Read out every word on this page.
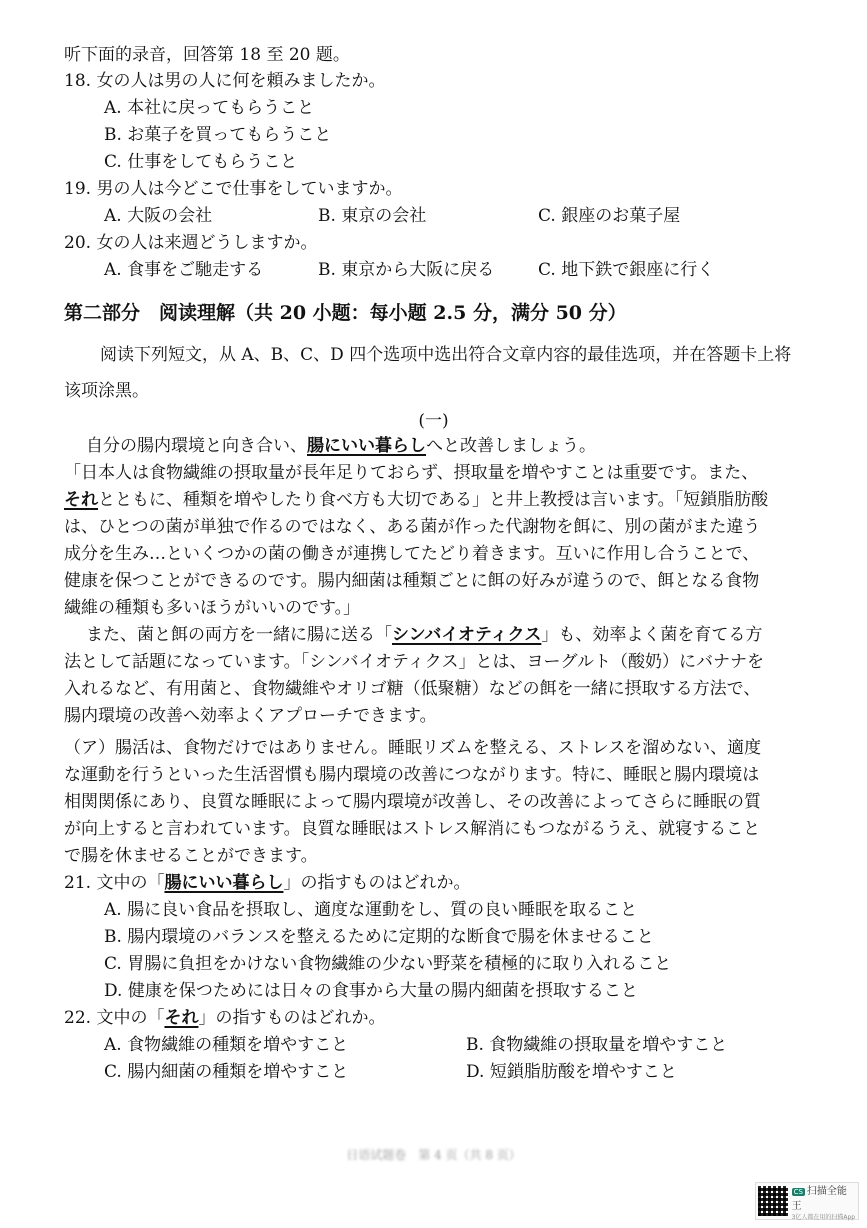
听下面的录音，回答第 18 至 20 题。
18. 女の人は男の人に何を頼みましたか。
A. 本社に戻ってもらうこと
B. お菓子を買ってもらうこと
C. 仕事をしてもらうこと
19. 男の人は今どこで仕事をしていますか。
A. 大阪の会社	B. 東京の会社	C. 銀座のお菓子屋
20. 女の人は来週どうしますか。
A. 食事をご馳走する	B. 東京から大阪に戻る	C. 地下鉄で銀座に行く
第二部分　阅读理解（共 20 小题：每小题 2.5 分，满分 50 分）
阅读下列短文，从 A、B、C、D 四个选项中选出符合文章内容的最佳选项，并在答题卡上将
该项涂黑。
(一)
自分の腸内環境と向き合い、腸にいい暮らしへと改善しましょう。
「日本人は食物繊維の摂取量が長年足りておらず、摂取量を増やすことは重要です。また、
それとともに、種類を増やしたり食べ方も大切である」と井上教授は言います。「短鎖脂肪酸
は、ひとつの菌が単独で作るのではなく、ある菌が作った代謝物を餌に、別の菌がまた違う
成分を生み…といくつかの菌の働きが連携してたどり着きます。互いに作用し合うことで、
健康を保つことができるのです。腸内細菌は種類ごとに餌の好みが違うので、餌となる食物
繊維の種類も多いほうがいいのです。」
また、菌と餌の両方を一緒に腸に送る「シンバイオティクス」も、効率よく菌を育てる方
法として話題になっています。「シンバイオティクス」とは、ヨーグルト（酸奶）にバナナを
入れるなど、有用菌と、食物繊維やオリゴ糖（低聚糖）などの餌を一緒に摂取する方法で、
腸内環境の改善へ効率よくアプローチできます。
（ア）腸活は、食物だけではありません。睡眠リズムを整える、ストレスを溜めない、適度
な運動を行うといった生活習慣も腸内環境の改善につながります。特に、睡眠と腸内環境は
相関関係にあり、良質な睡眠によって腸内環境が改善し、その改善によってさらに睡眠の質
が向上すると言われています。良質な睡眠はストレス解消にもつながるうえ、就寝すること
で腸を休ませることができます。
21. 文中の「腸にいい暮らし」の指すものはどれか。
A. 腸に良い食品を摂取し、適度な運動をし、質の良い睡眠を取ること
B. 腸内環境のバランスを整えるために定期的な断食で腸を休ませること
C. 胃腸に負担をかけない食物繊維の少ない野菜を積極的に取り入れること
D. 健康を保つためには日々の食事から大量の腸内細菌を摂取すること
22. 文中の「それ」の指すものはどれか。
A. 食物繊維の種類を増やすこと	B. 食物繊維の摂取量を増やすこと
C. 腸内細菌の種類を増やすこと	D. 短鎖脂肪酸を増やすこと
日语试题卷　第 4 页（共 8 页）
CS 扫描全能王
3亿人都在用的扫描App
